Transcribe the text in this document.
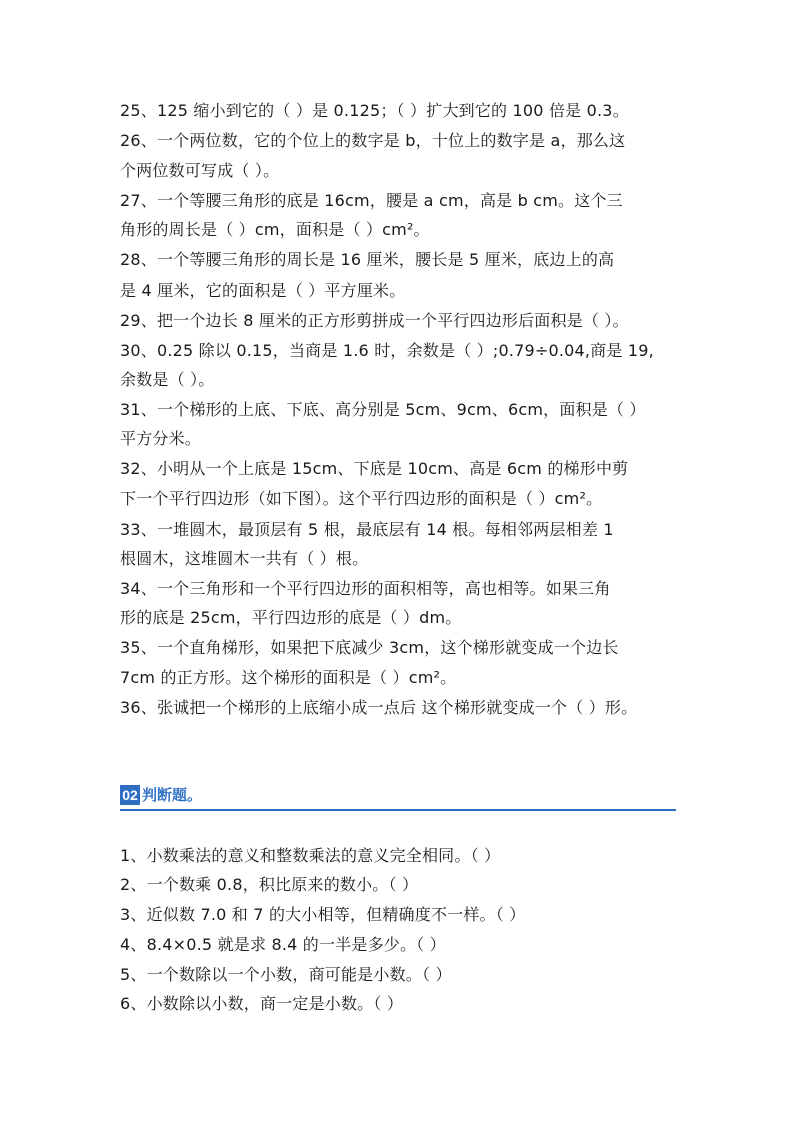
25、125 缩小到它的（ ）是 0.125；（ ）扩大到它的 100 倍是 0.3。
26、一个两位数，它的个位上的数字是 b，十位上的数字是 a，那么这
个两位数可写成（ ）。
27、一个等腰三角形的底是 16cm，腰是 a cm，高是 b cm。这个三
角形的周长是（ ）cm，面积是（ ）cm²。
28、一个等腰三角形的周长是 16 厘米，腰长是 5 厘米，底边上的高
是 4 厘米，它的面积是（ ）平方厘米。
29、把一个边长 8 厘米的正方形剪拼成一个平行四边形后面积是（ ）。
30、0.25 除以 0.15，当商是 1.6 时，余数是（ ）;0.79÷0.04,商是 19,
余数是（ ）。
31、一个梯形的上底、下底、高分别是 5cm、9cm、6cm，面积是（ ）
平方分米。
32、小明从一个上底是 15cm、下底是 10cm、高是 6cm 的梯形中剪
下一个平行四边形（如下图）。这个平行四边形的面积是（ ）cm²。
33、一堆圆木，最顶层有 5 根，最底层有 14 根。每相邻两层相差 1
根圆木，这堆圆木一共有（ ）根。
34、一个三角形和一个平行四边形的面积相等，高也相等。如果三角
形的底是 25cm，平行四边形的底是（ ）dm。
35、一个直角梯形，如果把下底减少 3cm，这个梯形就变成一个边长
7cm 的正方形。这个梯形的面积是（ ）cm²。
36、张诚把一个梯形的上底缩小成一点后 这个梯形就变成一个（ ）形。
02 判断题。
1、小数乘法的意义和整数乘法的意义完全相同。（ ）
2、一个数乘 0.8，积比原来的数小。（ ）
3、近似数 7.0 和 7 的大小相等，但精确度不一样。（ ）
4、8.4×0.5 就是求 8.4 的一半是多少。（ ）
5、一个数除以一个小数，商可能是小数。（ ）
6、小数除以小数，商一定是小数。（ ）
